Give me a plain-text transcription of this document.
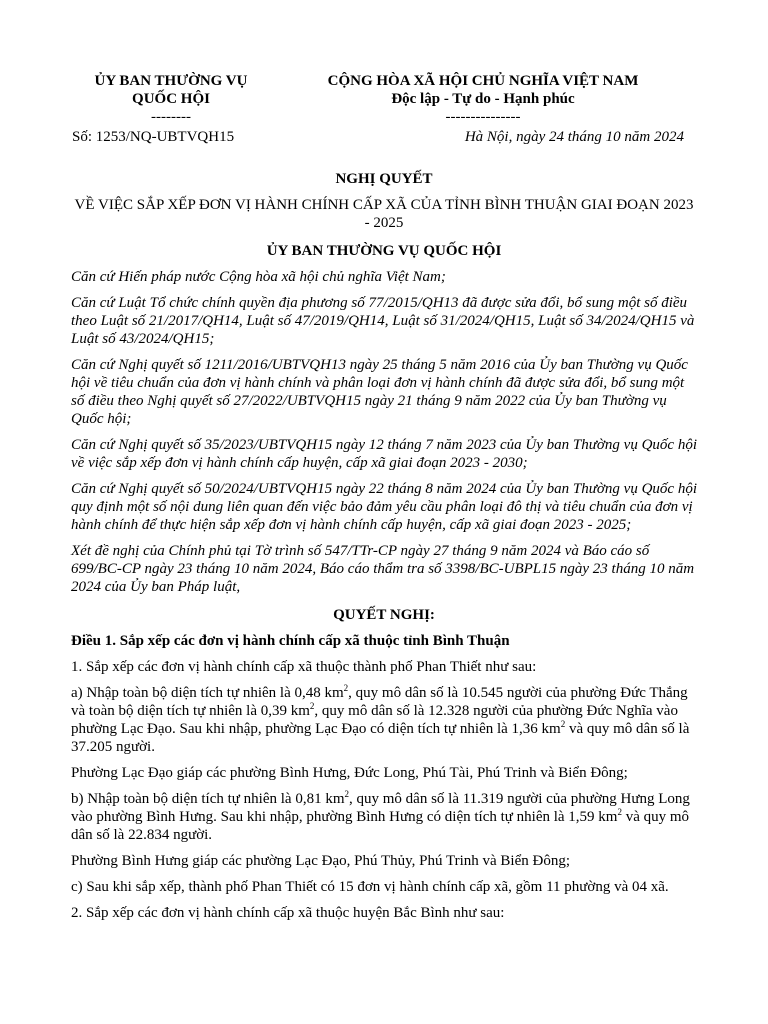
ỦY BAN THƯỜNG VỤ
QUỐC HỘI
--------
CỘNG HÒA XÃ HỘI CHỦ NGHĨA VIỆT NAM
Độc lập - Tự do - Hạnh phúc
---------------
Số: 1253/NQ-UBTVQH15	Hà Nội, ngày 24 tháng 10 năm 2024

NGHỊ QUYẾT

VỀ VIỆC SẮP XẾP ĐƠN VỊ HÀNH CHÍNH CẤP XÃ CỦA TỈNH BÌNH THUẬN GIAI ĐOẠN 2023 - 2025

ỦY BAN THƯỜNG VỤ QUỐC HỘI

Căn cứ Hiến pháp nước Cộng hòa xã hội chủ nghĩa Việt Nam;

Căn cứ Luật Tổ chức chính quyền địa phương số 77/2015/QH13 đã được sửa đổi, bổ sung một số điều theo Luật số 21/2017/QH14, Luật số 47/2019/QH14, Luật số 31/2024/QH15, Luật số 34/2024/QH15 và Luật số 43/2024/QH15;

Căn cứ Nghị quyết số 1211/2016/UBTVQH13 ngày 25 tháng 5 năm 2016 của Ủy ban Thường vụ Quốc hội về tiêu chuẩn của đơn vị hành chính và phân loại đơn vị hành chính đã được sửa đổi, bổ sung một số điều theo Nghị quyết số 27/2022/UBTVQH15 ngày 21 tháng 9 năm 2022 của Ủy ban Thường vụ Quốc hội;

Căn cứ Nghị quyết số 35/2023/UBTVQH15 ngày 12 tháng 7 năm 2023 của Ủy ban Thường vụ Quốc hội về việc sắp xếp đơn vị hành chính cấp huyện, cấp xã giai đoạn 2023 - 2030;

Căn cứ Nghị quyết số 50/2024/UBTVQH15 ngày 22 tháng 8 năm 2024 của Ủy ban Thường vụ Quốc hội quy định một số nội dung liên quan đến việc bảo đảm yêu cầu phân loại đô thị và tiêu chuẩn của đơn vị hành chính để thực hiện sắp xếp đơn vị hành chính cấp huyện, cấp xã giai đoạn 2023 - 2025;

Xét đề nghị của Chính phủ tại Tờ trình số 547/TTr-CP ngày 27 tháng 9 năm 2024 và Báo cáo số 699/BC-CP ngày 23 tháng 10 năm 2024, Báo cáo thẩm tra số 3398/BC-UBPL15 ngày 23 tháng 10 năm 2024 của Ủy ban Pháp luật,

QUYẾT NGHỊ:

Điều 1. Sắp xếp các đơn vị hành chính cấp xã thuộc tỉnh Bình Thuận

1. Sắp xếp các đơn vị hành chính cấp xã thuộc thành phố Phan Thiết như sau:

a) Nhập toàn bộ diện tích tự nhiên là 0,48 $km^2$, quy mô dân số là 10.545 người của phường Đức Thắng và toàn bộ diện tích tự nhiên là 0,39 $km^2$, quy mô dân số là 12.328 người của phường Đức Nghĩa vào phường Lạc Đạo. Sau khi nhập, phường Lạc Đạo có diện tích tự nhiên là 1,36 $km^2$ và quy mô dân số là 37.205 người.

Phường Lạc Đạo giáp các phường Bình Hưng, Đức Long, Phú Tài, Phú Trinh và Biển Đông;

b) Nhập toàn bộ diện tích tự nhiên là 0,81 $km^2$, quy mô dân số là 11.319 người của phường Hưng Long vào phường Bình Hưng. Sau khi nhập, phường Bình Hưng có diện tích tự nhiên là 1,59 $km^2$ và quy mô dân số là 22.834 người.

Phường Bình Hưng giáp các phường Lạc Đạo, Phú Thủy, Phú Trinh và Biển Đông;

c) Sau khi sắp xếp, thành phố Phan Thiết có 15 đơn vị hành chính cấp xã, gồm 11 phường và 04 xã.

2. Sắp xếp các đơn vị hành chính cấp xã thuộc huyện Bắc Bình như sau:
